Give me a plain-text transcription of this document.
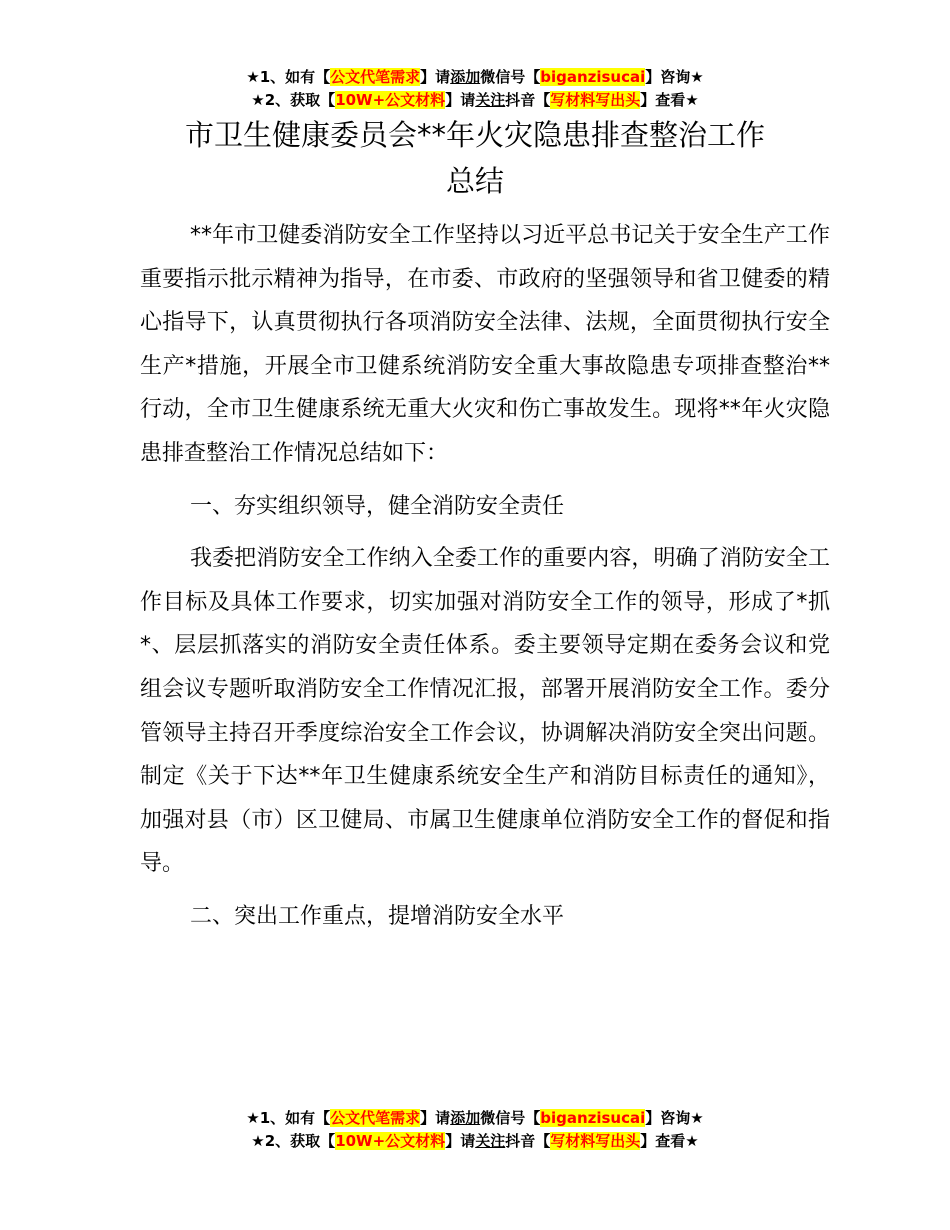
★1、如有【公文代笔需求】请添加微信号【biganzisucai】咨询★
★2、获取【10W+公文材料】请关注抖音【写材料写出头】查看★
市卫生健康委员会**年火灾隐患排查整治工作
总结

**年市卫健委消防安全工作坚持以习近平总书记关于安全生产工作重要指示批示精神为指导，在市委、市政府的坚强领导和省卫健委的精心指导下，认真贯彻执行各项消防安全法律、法规，全面贯彻执行安全生产*措施，开展全市卫健系统消防安全重大事故隐患专项排查整治**行动，全市卫生健康系统无重大火灾和伤亡事故发生。现将**年火灾隐患排查整治工作情况总结如下：

一、夯实组织领导，健全消防安全责任

我委把消防安全工作纳入全委工作的重要内容，明确了消防安全工作目标及具体工作要求，切实加强对消防安全工作的领导，形成了*抓*、层层抓落实的消防安全责任体系。委主要领导定期在委务会议和党组会议专题听取消防安全工作情况汇报，部署开展消防安全工作。委分管领导主持召开季度综治安全工作会议，协调解决消防安全突出问题。制定《关于下达**年卫生健康系统安全生产和消防目标责任的通知》，加强对县（市）区卫健局、市属卫生健康单位消防安全工作的督促和指导。

二、突出工作重点，提增消防安全水平

★1、如有【公文代笔需求】请添加微信号【biganzisucai】咨询★
★2、获取【10W+公文材料】请关注抖音【写材料写出头】查看★
